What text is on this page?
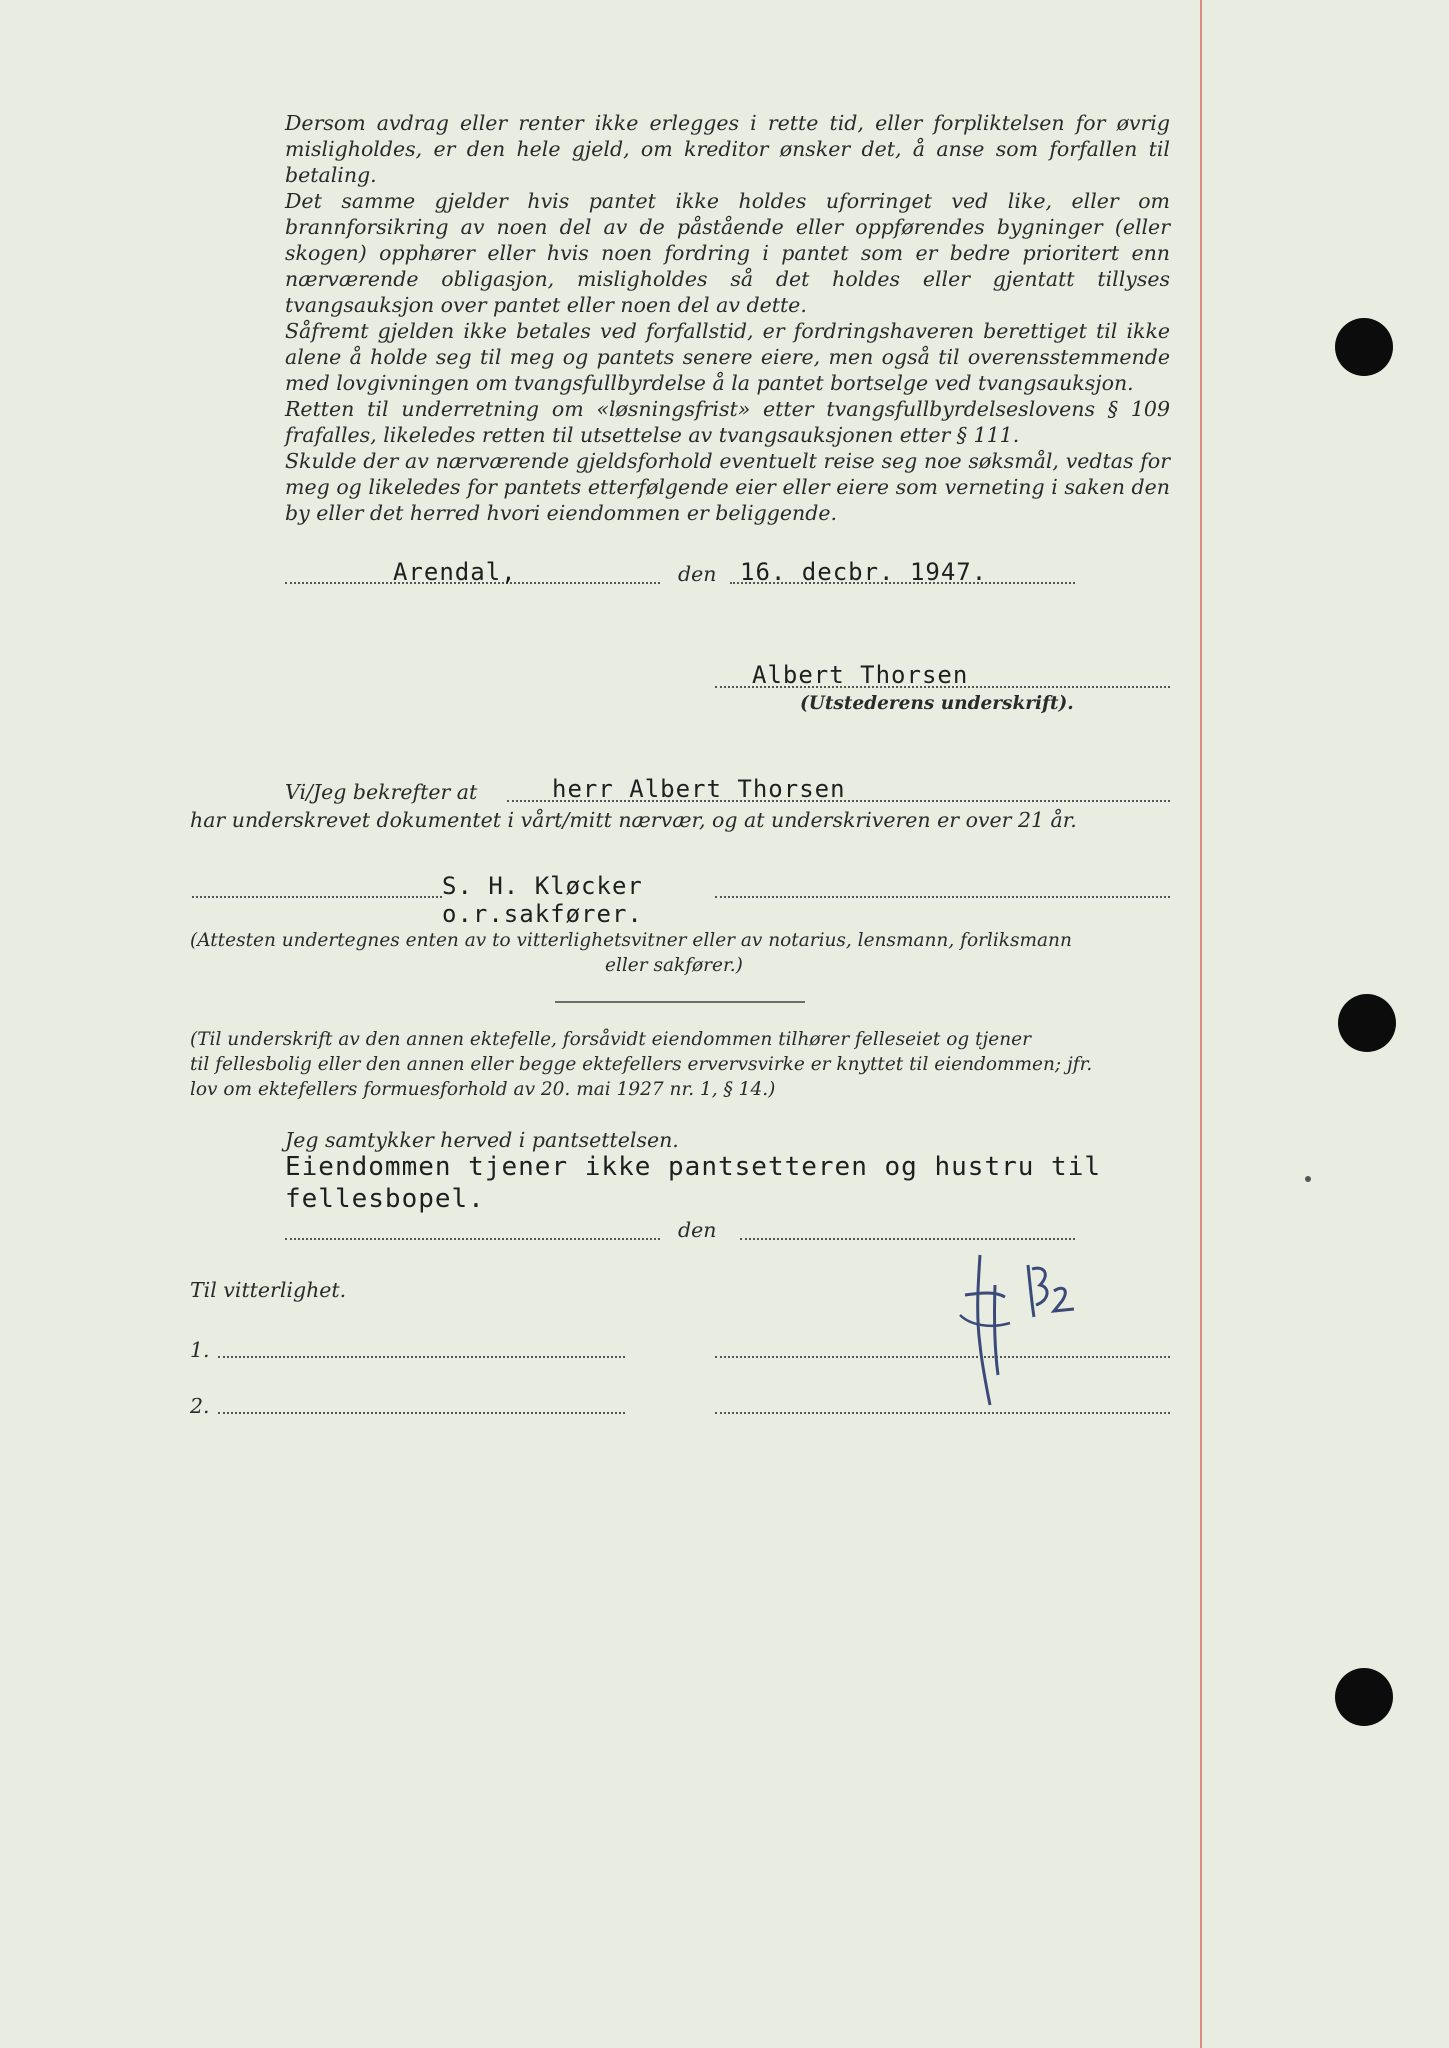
Dersom avdrag eller renter ikke erlegges i rette tid, eller forpliktelsen for øvrig misligholdes, er den hele gjeld, om kreditor ønsker det, å anse som forfallen til betaling.

Det samme gjelder hvis pantet ikke holdes uforringet ved like, eller om brannforsikring av noen del av de påstående eller oppførendes bygninger (eller skogen) opphører eller hvis noen fordring i pantet som er bedre prioritert enn nærværende obligasjon, misligholdes så det holdes eller gjentatt tillyses tvangsauksjon over pantet eller noen del av dette.

Såfremt gjelden ikke betales ved forfallstid, er fordringshaveren berettiget til ikke alene å holde seg til meg og pantets senere eiere, men også til overensstemmende med lovgivningen om tvangsfullbyrdelse å la pantet bortselge ved tvangsauksjon.

Retten til underretning om «løsningsfrist» etter tvangsfullbyrdelseslovens § 109 frafalles, likeledes retten til utsettelse av tvangsauksjonen etter § 111.

Skulde der av nærværende gjeldsforhold eventuelt reise seg noe søksmål, vedtas for meg og likeledes for pantets etterfølgende eier eller eiere som verneting i saken den by eller det herred hvori eiendommen er beliggende.

Arendal,	den 16. decbr. 1947.
Albert Thorsen
(Utstederens underskrift).
Vi/Jeg bekrefter at	herr Albert Thorsen
har underskrevet dokumentet i vårt/mitt nærvær, og at underskriveren er over 21 år.
S. H. Kløcker
o.r.sakfører.
(Attesten undertegnes enten av to vitterlighetsvitner eller av notarius, lensmann, forliksmann
eller sakfører.)
(Til underskrift av den annen ektefelle, forsåvidt eiendommen tilhører felleseiet og tjener
til fellesbolig eller den annen eller begge ektefellers ervervsvirke er knyttet til eiendommen; jfr.
lov om ektefellers formuesforhold av 20. mai 1927 nr. 1, § 14.)
Jeg samtykker herved i pantsettelsen.
Eiendommen tjener ikke pantsetteren og hustru til
fellesbopel.
den
Til vitterlighet.
1.
2.
